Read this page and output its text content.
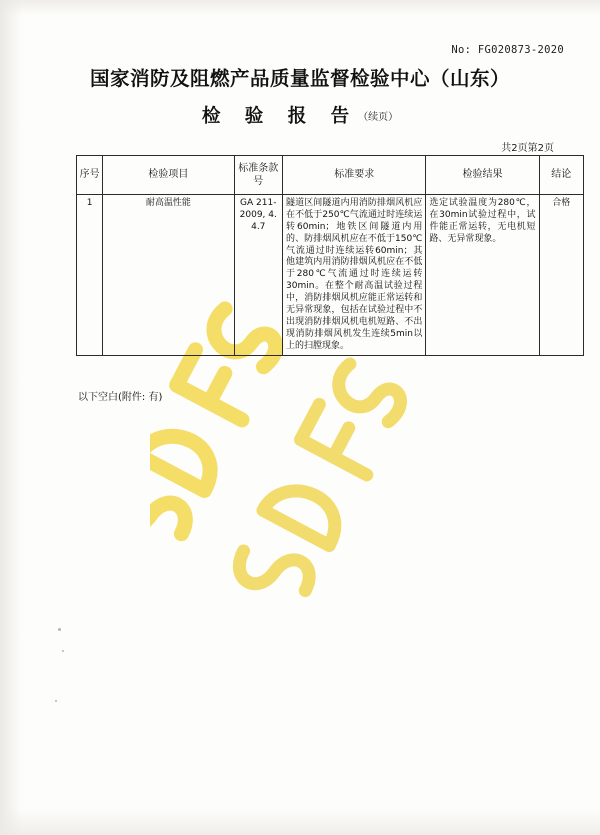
No: FG020873-2020
国家消防及阻燃产品质量监督检验中心（山东）
检 验 报 告（续页）
共2页第2页
序号	检验项目	标准条款号	标准要求	检验结果	结论
1	耐高温性能	GA 211-2009, 4.4.7	隧道区间隧道内用消防排烟风机应在不低于250℃气流通过时连续运转60min；地铁区间隧道内用的、防排烟风机应在不低于150℃气流通过时连续运转60min；其他建筑内用消防排烟风机应在不低于280℃气流通过时连续运转30min。在整个耐高温试验过程中，消防排烟风机应能正常运转和无异常现象，包括在试验过程中不出现消防排烟风机电机短路、不出现消防排烟风机发生连续5min以上的扫膛现象。	选定试验温度为280℃，在30min试验过程中，试件能正常运转，无电机短路、无异常现象。	合格
以下空白(附件: 有)
